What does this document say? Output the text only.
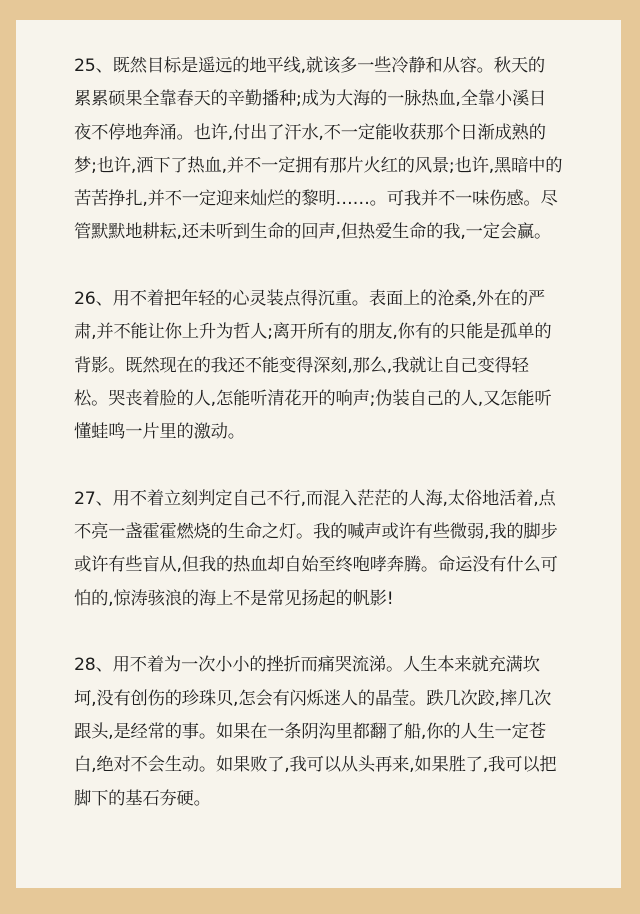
25、既然目标是遥远的地平线,就该多一些冷静和从容。秋天的
累累硕果全靠春天的辛勤播种;成为大海的一脉热血,全靠小溪日
夜不停地奔涌。也许,付出了汗水,不一定能收获那个日渐成熟的
梦;也许,洒下了热血,并不一定拥有那片火红的风景;也许,黑暗中的
苦苦挣扎,并不一定迎来灿烂的黎明……。可我并不一味伤感。尽
管默默地耕耘,还未听到生命的回声,但热爱生命的我,一定会赢。
26、用不着把年轻的心灵装点得沉重。表面上的沧桑,外在的严
肃,并不能让你上升为哲人;离开所有的朋友,你有的只能是孤单的
背影。既然现在的我还不能变得深刻,那么,我就让自己变得轻
松。哭丧着脸的人,怎能听清花开的响声;伪装自己的人,又怎能听
懂蛙鸣一片里的激动。
27、用不着立刻判定自己不行,而混入茫茫的人海,太俗地活着,点
不亮一盏霍霍燃烧的生命之灯。我的喊声或许有些微弱,我的脚步
或许有些盲从,但我的热血却自始至终咆哮奔腾。命运没有什么可
怕的,惊涛骇浪的海上不是常见扬起的帆影!
28、用不着为一次小小的挫折而痛哭流涕。人生本来就充满坎
坷,没有创伤的珍珠贝,怎会有闪烁迷人的晶莹。跌几次跤,摔几次
跟头,是经常的事。如果在一条阴沟里都翻了船,你的人生一定苍
白,绝对不会生动。如果败了,我可以从头再来,如果胜了,我可以把
脚下的基石夯硬。
